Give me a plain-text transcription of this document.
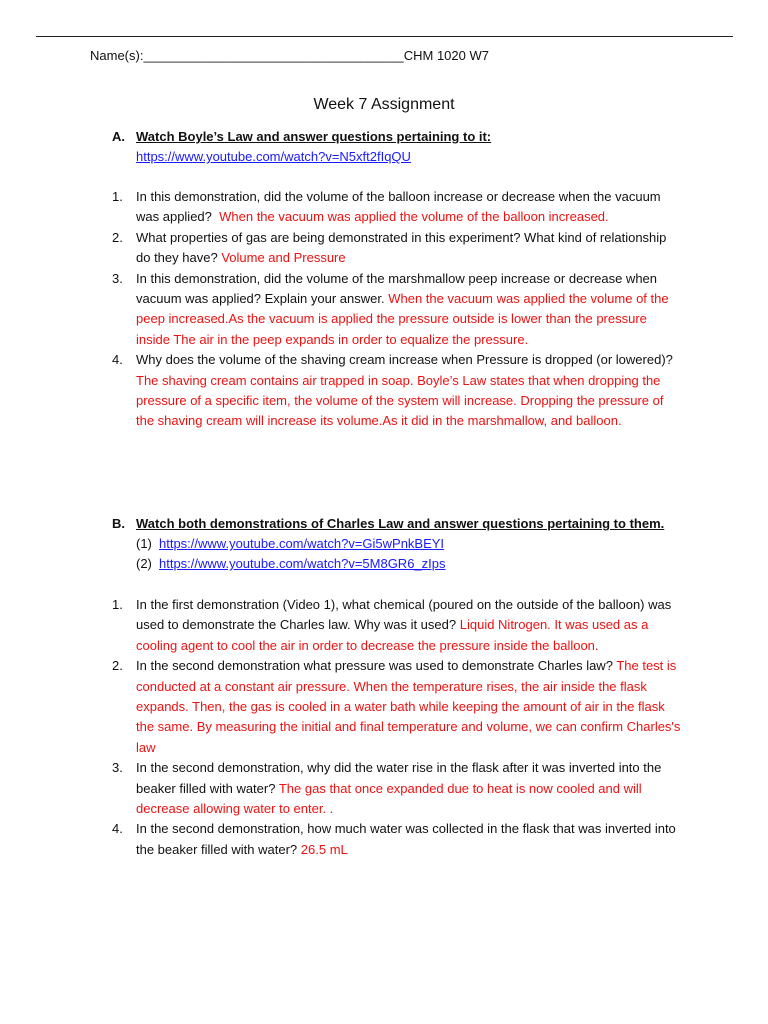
Name(s):____________________________________CHM 1020 W7
Week 7 Assignment
A. Watch Boyle’s Law and answer questions pertaining to it:
https://www.youtube.com/watch?v=N5xft2fIqQU
1.	In this demonstration, did the volume of the balloon increase or decrease when the vacuum was applied? When the vacuum was applied the volume of the balloon increased.
2.	What properties of gas are being demonstrated in this experiment? What kind of relationship do they have? Volume and Pressure
3.	In this demonstration, did the volume of the marshmallow peep increase or decrease when vacuum was applied? Explain your answer. When the vacuum was applied the volume of the peep increased.As the vacuum is applied the pressure outside is lower than the pressure inside The air in the peep expands in order to equalize the pressure.
4.	Why does the volume of the shaving cream increase when Pressure is dropped (or lowered)? The shaving cream contains air trapped in soap. Boyle’s Law states that when dropping the pressure of a specific item, the volume of the system will increase. Dropping the pressure of the shaving cream will increase its volume.As it did in the marshmallow, and balloon.
B. Watch both demonstrations of Charles Law and answer questions pertaining to them.
(1) https://www.youtube.com/watch?v=Gi5wPnkBEYI
(2) https://www.youtube.com/watch?v=5M8GR6_zIps
1.	In the first demonstration (Video 1), what chemical (poured on the outside of the balloon) was used to demonstrate the Charles law. Why was it used? Liquid Nitrogen. It was used as a cooling agent to cool the air in order to decrease the pressure inside the balloon.
2.	In the second demonstration what pressure was used to demonstrate Charles law? The test is conducted at a constant air pressure. When the temperature rises, the air inside the flask expands. Then, the gas is cooled in a water bath while keeping the amount of air in the flask the same. By measuring the initial and final temperature and volume, we can confirm Charles's law
3.	In the second demonstration, why did the water rise in the flask after it was inverted into the beaker filled with water? The gas that once expanded due to heat is now cooled and will decrease allowing water to enter. .
4.	In the second demonstration, how much water was collected in the flask that was inverted into the beaker filled with water? 26.5 mL
